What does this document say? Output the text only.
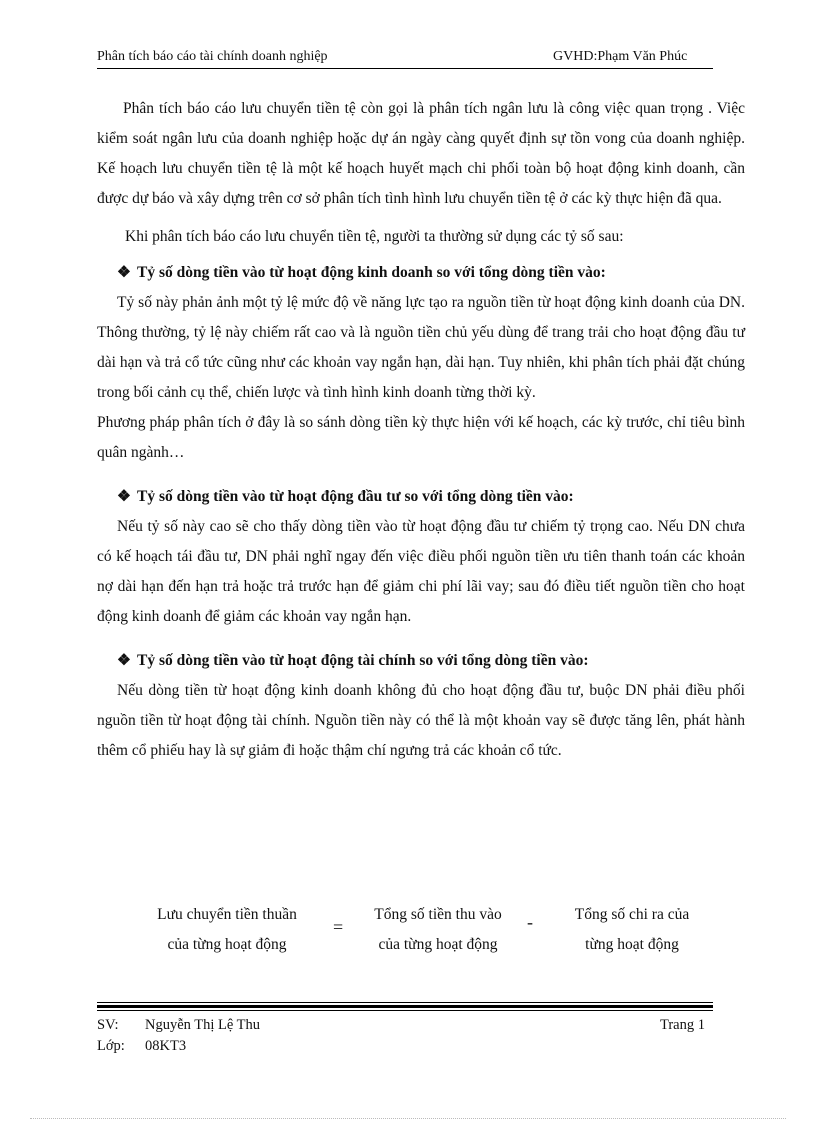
Phân tích báo cáo tài chính doanh nghiệp	GVHD:Phạm Văn Phúc

Phân tích báo cáo lưu chuyển tiền tệ còn gọi là phân tích ngân lưu là công việc quan trọng . Việc kiểm soát ngân lưu của doanh nghiệp hoặc dự án ngày càng quyết định sự tồn vong của doanh nghiệp. Kế hoạch lưu chuyển tiền tệ là một kế hoạch huyết mạch chi phối toàn bộ hoạt động kinh doanh, cần được dự báo và xây dựng trên cơ sở phân tích tình hình lưu chuyển tiền tệ ở các kỳ thực hiện đã qua.

Khi phân tích báo cáo lưu chuyển tiền tệ, người ta thường sử dụng các tỷ số sau:

❖ Tỷ số dòng tiền vào từ hoạt động kinh doanh so với tổng dòng tiền vào:

Tỷ số này phản ảnh một tỷ lệ mức độ về năng lực tạo ra nguồn tiền từ hoạt động kinh doanh của DN. Thông thường, tỷ lệ này chiếm rất cao và là nguồn tiền chủ yếu dùng để trang trải cho hoạt động đầu tư dài hạn và trả cổ tức cũng như các khoản vay ngắn hạn, dài hạn. Tuy nhiên, khi phân tích phải đặt chúng trong bối cảnh cụ thể, chiến lược và tình hình kinh doanh từng thời kỳ.

Phương pháp phân tích ở đây là so sánh dòng tiền kỳ thực hiện với kế hoạch, các kỳ trước, chỉ tiêu bình quân ngành…

❖ Tỷ số dòng tiền vào từ hoạt động đầu tư so với tổng dòng tiền vào:

Nếu tỷ số này cao sẽ cho thấy dòng tiền vào từ hoạt động đầu tư chiếm tỷ trọng cao. Nếu DN chưa có kế hoạch tái đầu tư, DN phải nghĩ ngay đến việc điều phối nguồn tiền ưu tiên thanh toán các khoản nợ dài hạn đến hạn trả hoặc trả trước hạn để giảm chi phí lãi vay; sau đó điều tiết nguồn tiền cho hoạt động kinh doanh để giảm các khoản vay ngắn hạn.

❖ Tỷ số dòng tiền vào từ hoạt động tài chính so với tổng dòng tiền vào:

Nếu dòng tiền từ hoạt động kinh doanh không đủ cho hoạt động đầu tư, buộc DN phải điều phối nguồn tiền từ hoạt động tài chính. Nguồn tiền này có thể là một khoản vay sẽ được tăng lên, phát hành thêm cổ phiếu hay là sự giảm đi hoặc thậm chí ngưng trả các khoản cổ tức.

Lưu chuyển tiền thuần
của từng hoạt động
=
Tổng số tiền thu vào
của từng hoạt động
-	Tổng số chi ra của
từng hoạt động
SV: Nguyễn Thị Lệ Thu	Trang 1
Lớp: 08KT3
